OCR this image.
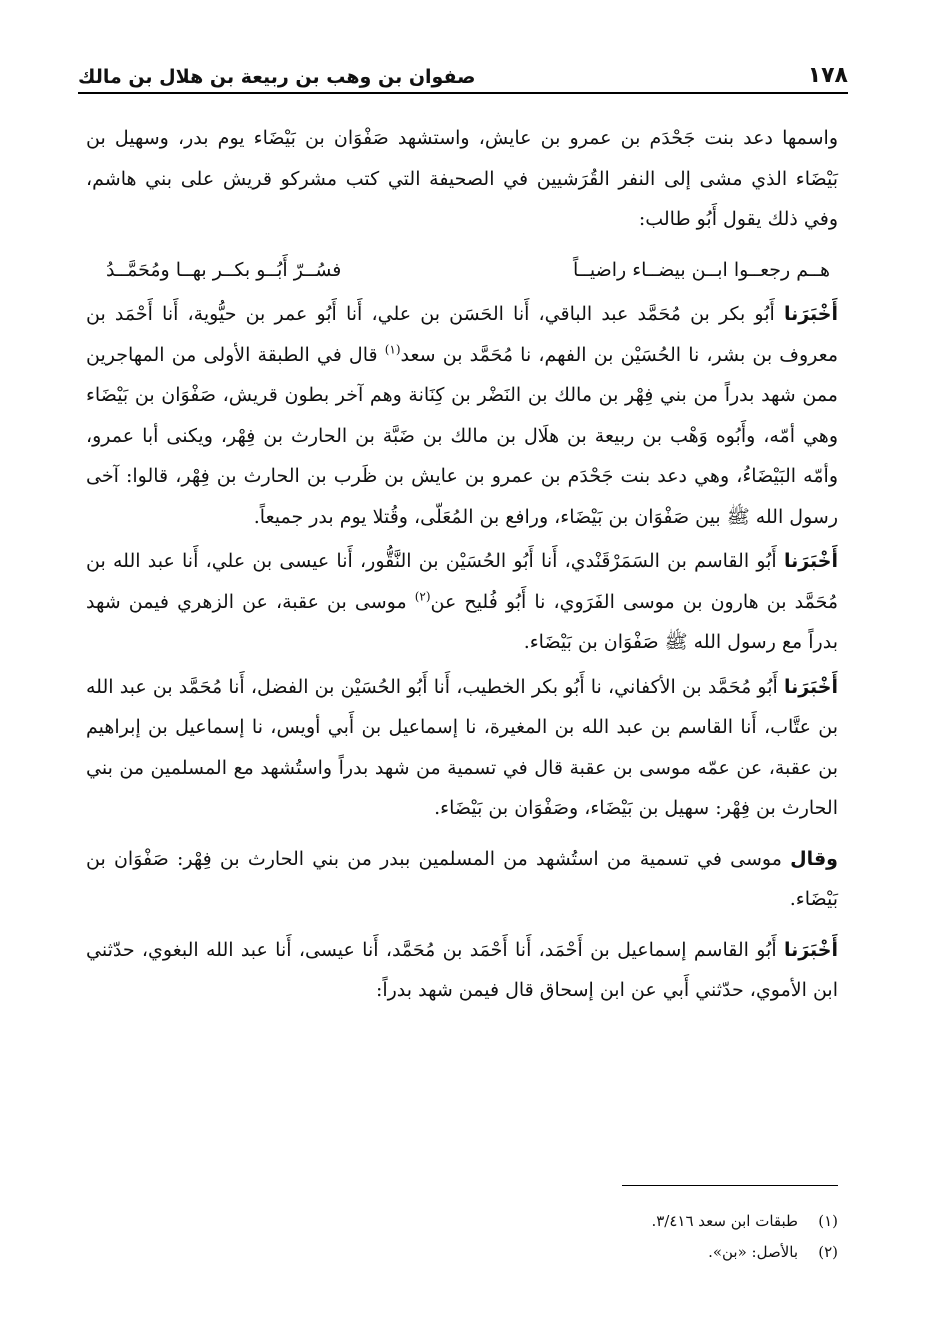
صفوان بن وهب بن ربيعة بن هلال بن مالك	١٧٨

واسمها دعد بنت جَحْدَم بن عمرو بن عايش، واستشهد صَفْوَان بن بَيْضَاء يوم بدر، وسهيل بن بَيْضَاء الذي مشى إلى النفر القُرَشيين في الصحيفة التي كتب مشركو قريش على بني هاشم، وفي ذلك يقول أَبُو طالب:

هــم رجعــوا ابــن بيضــاء راضيــاً
فسُــرّ أَبُــو بكــر بهــا ومُحَمَّــدُ

أَخْبَرَنا أَبُو بكر بن مُحَمَّد عبد الباقي، أَنا الحَسَن بن علي، أَنا أَبُو عمر بن حيُّوية، أَنا أَحْمَد بن معروف بن بشر، نا الحُسَيْن بن الفهم، نا مُحَمَّد بن سعد$^{(١)}$ قال في الطبقة الأولى من المهاجرين ممن شهد بدراً من بني فِهْر بن مالك بن النَضْر بن كِنَانة وهم آخر بطون قريش، صَفْوَان بن بَيْضَاء وهي أمّه، وأَبُوه وَهْب بن ربيعة بن هلَال بن مالك بن ضَبَّة بن الحارث بن فِهْر، ويكنى أبا عمرو، وأمّه البَيْضَاءُ، وهي دعد بنت جَحْدَم بن عمرو بن عايش بن ظَرب بن الحارث بن فِهْر، قالوا: آخى رسول الله ﷺ بين صَفْوَان بن بَيْضَاء، ورافع بن المُعَلّى، وقُتلا يوم بدر جميعاً.

أَخْبَرَنا أَبُو القاسم بن السَمَرْقَنْدي، أَنا أَبُو الحُسَيْن بن النَّقُّور، أَنا عيسى بن علي، أَنا عبد الله بن مُحَمَّد بن هارون بن موسى الفَرَوي، نا أَبُو فُليح عن$^{(٢)}$ موسى بن عقبة، عن الزهري فيمن شهد بدراً مع رسول الله ﷺ صَفْوَان بن بَيْضَاء.

أَخْبَرَنا أَبُو مُحَمَّد بن الأكفاني، نا أَبُو بكر الخطيب، أَنا أَبُو الحُسَيْن بن الفضل، أَنا مُحَمَّد بن عبد الله بن عتَّاب، أَنا القاسم بن عبد الله بن المغيرة، نا إسماعيل بن أَبي أويس، نا إسماعيل بن إبراهيم بن عقبة، عن عمّه موسى بن عقبة قال في تسمية من شهد بدراً واستُشهد مع المسلمين من بني الحارث بن فِهْر: سهيل بن بَيْضَاء، وصَفْوَان بن بَيْضَاء.

وقال موسى في تسمية من استُشهد من المسلمين ببدر من بني الحارث بن فِهْر: صَفْوَان بن بَيْضَاء.

أَخْبَرَنا أَبُو القاسم إسماعيل بن أَحْمَد، أَنا أَحْمَد بن مُحَمَّد، أَنا عيسى، أَنا عبد الله البغوي، حدّثني ابن الأموي، حدّثني أَبي عن ابن إسحاق قال فيمن شهد بدراً:

(١)
طبقات ابن سعد ٣/٤١٦.
(٢)
بالأصل: «بن».
